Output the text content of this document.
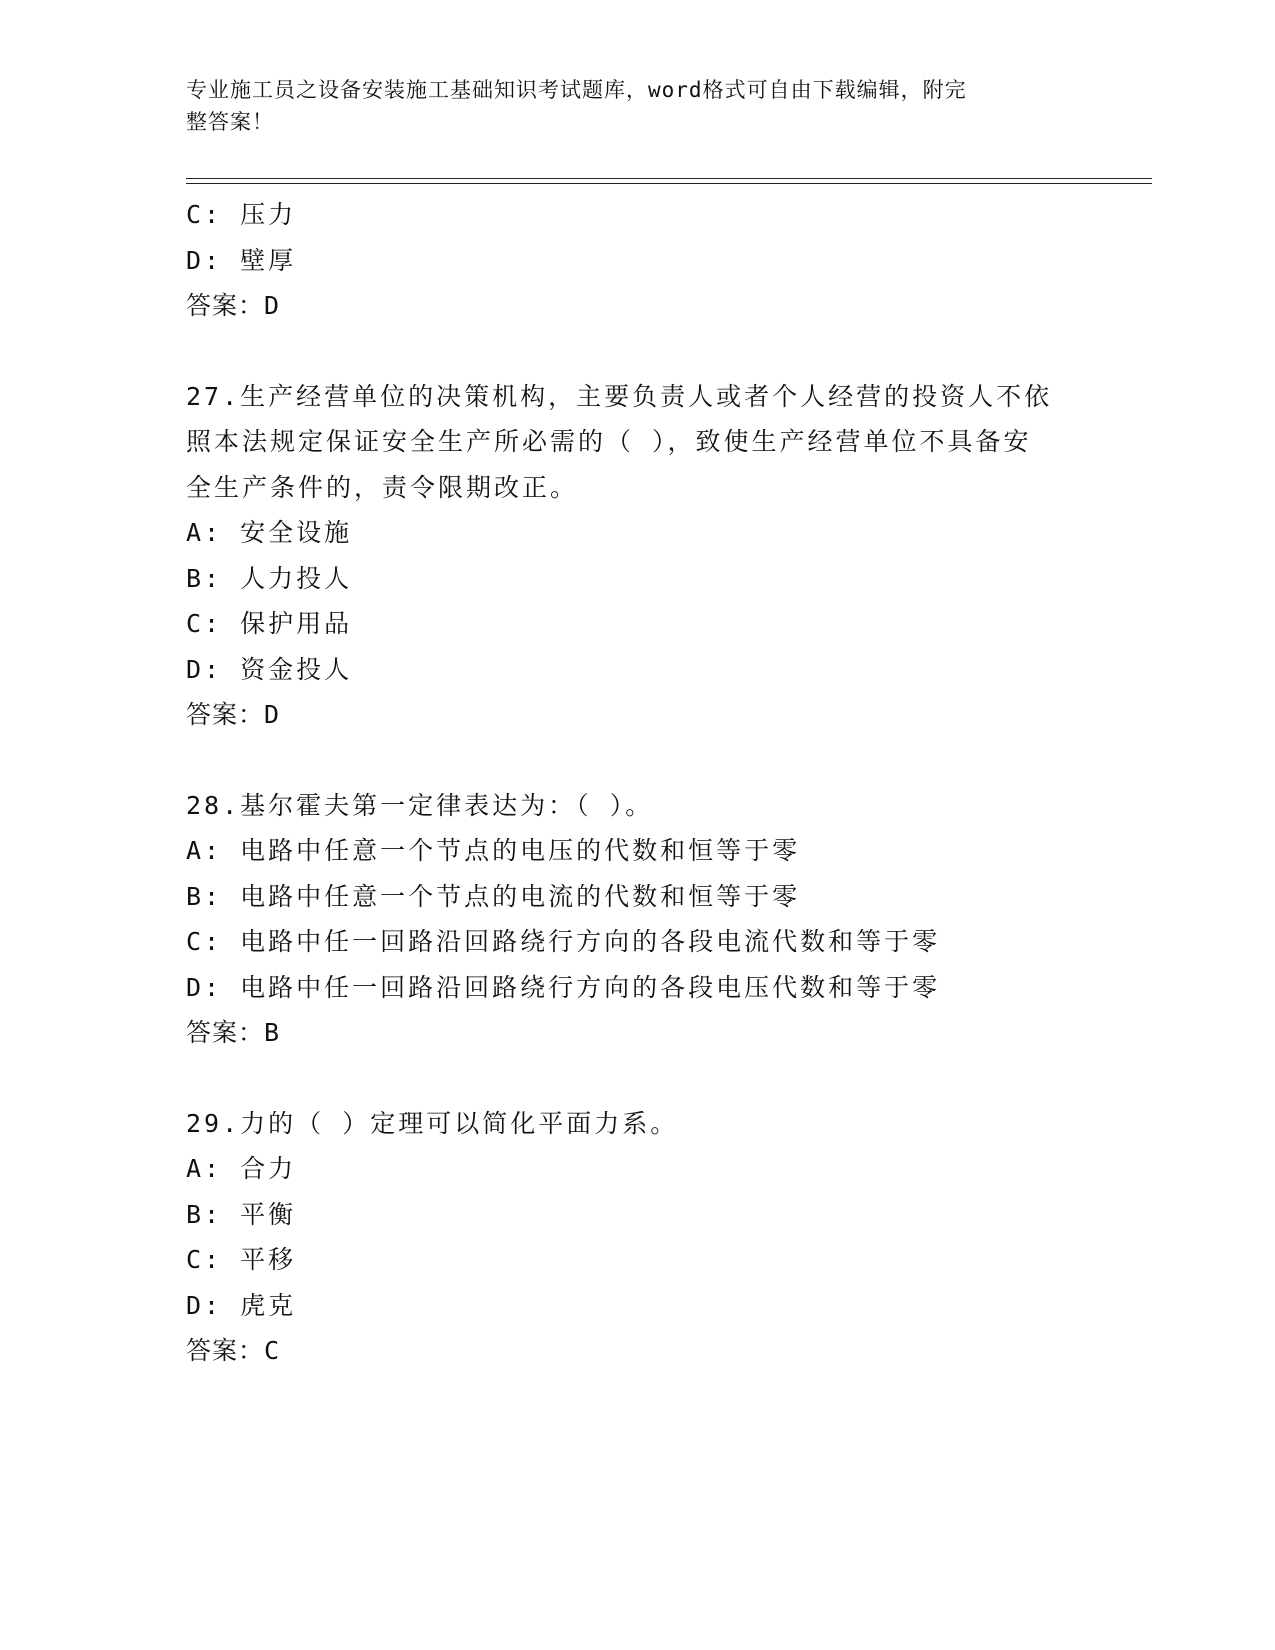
专业施工员之设备安装施工基础知识考试题库，word格式可自由下载编辑，附完
整答案！
C: 压力
D: 壁厚
答案：D
27.生产经营单位的决策机构，主要负责人或者个人经营的投资人不依
照本法规定保证安全生产所必需的（ ），致使生产经营单位不具备安
全生产条件的，责令限期改正。
A: 安全设施
B: 人力投人
C: 保护用品
D: 资金投人
答案：D
28.基尔霍夫第一定律表达为：（ ）。
A: 电路中任意一个节点的电压的代数和恒等于零
B: 电路中任意一个节点的电流的代数和恒等于零
C: 电路中任一回路沿回路绕行方向的各段电流代数和等于零
D: 电路中任一回路沿回路绕行方向的各段电压代数和等于零
答案：B
29.力的（ ）定理可以简化平面力系。
A: 合力
B: 平衡
C: 平移
D: 虎克
答案：C
